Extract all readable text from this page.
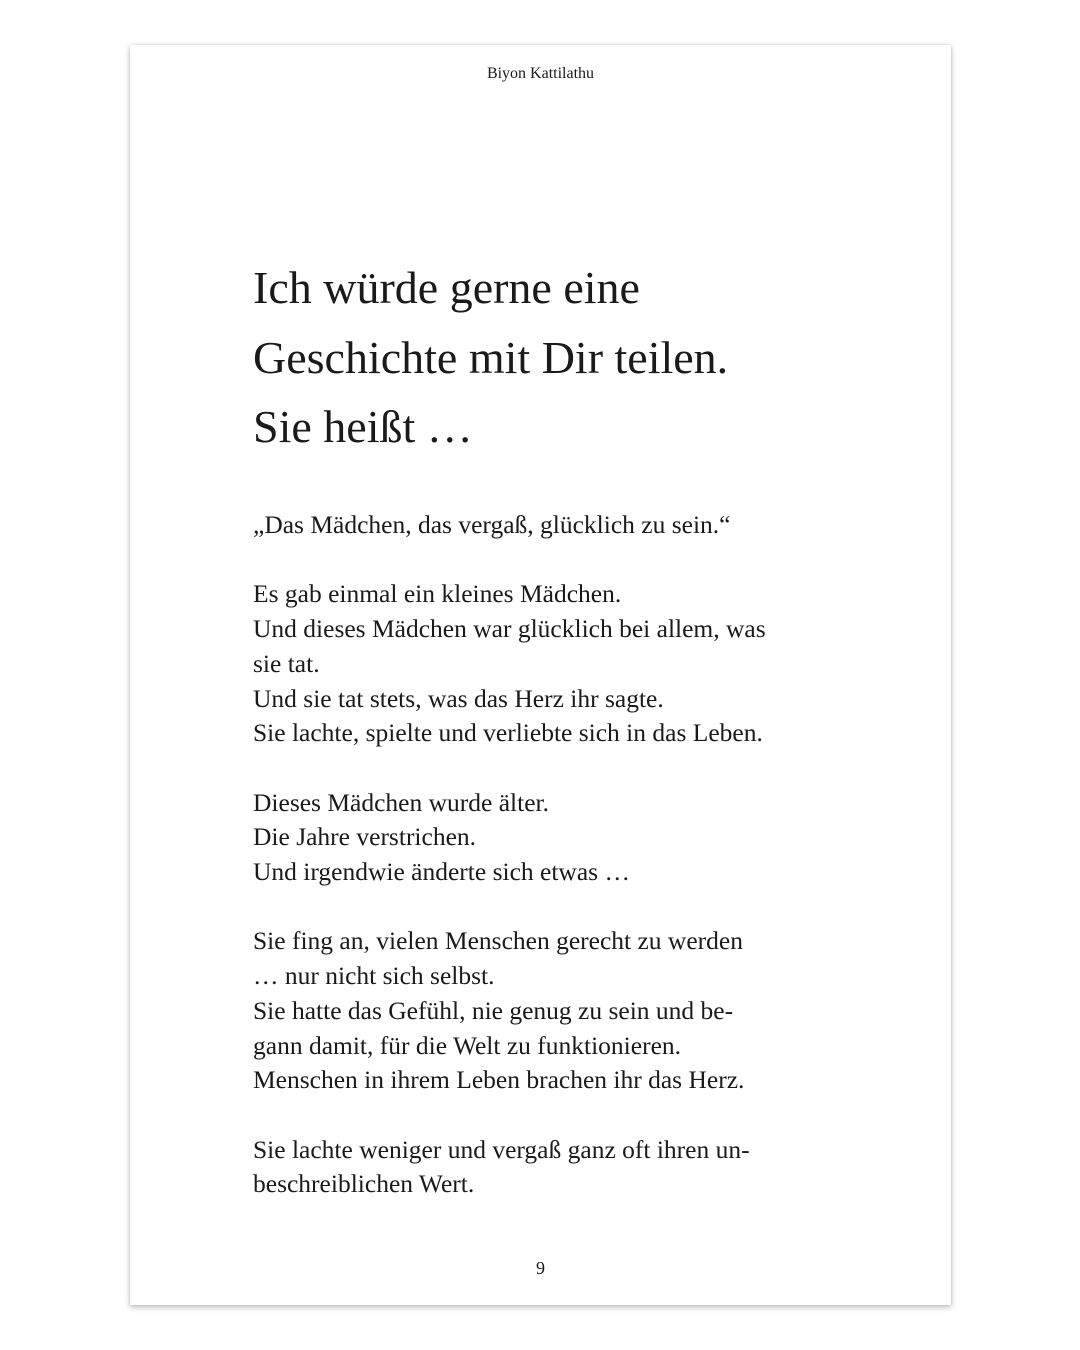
Biyon Kattilathu
Ich würde gerne eine
Geschichte mit Dir teilen.
Sie heißt …
„Das Mädchen, das vergaß, glücklich zu sein.“
Es gab einmal ein kleines Mädchen.
Und dieses Mädchen war glücklich bei allem, was
sie tat.
Und sie tat stets, was das Herz ihr sagte.
Sie lachte, spielte und verliebte sich in das Leben.
Dieses Mädchen wurde älter.
Die Jahre verstrichen.
Und irgendwie änderte sich etwas …
Sie fing an, vielen Menschen gerecht zu werden
… nur nicht sich selbst.
Sie hatte das Gefühl, nie genug zu sein und be-
gann damit, für die Welt zu funktionieren.
Menschen in ihrem Leben brachen ihr das Herz.
Sie lachte weniger und vergaß ganz oft ihren un-
beschreiblichen Wert.
9
